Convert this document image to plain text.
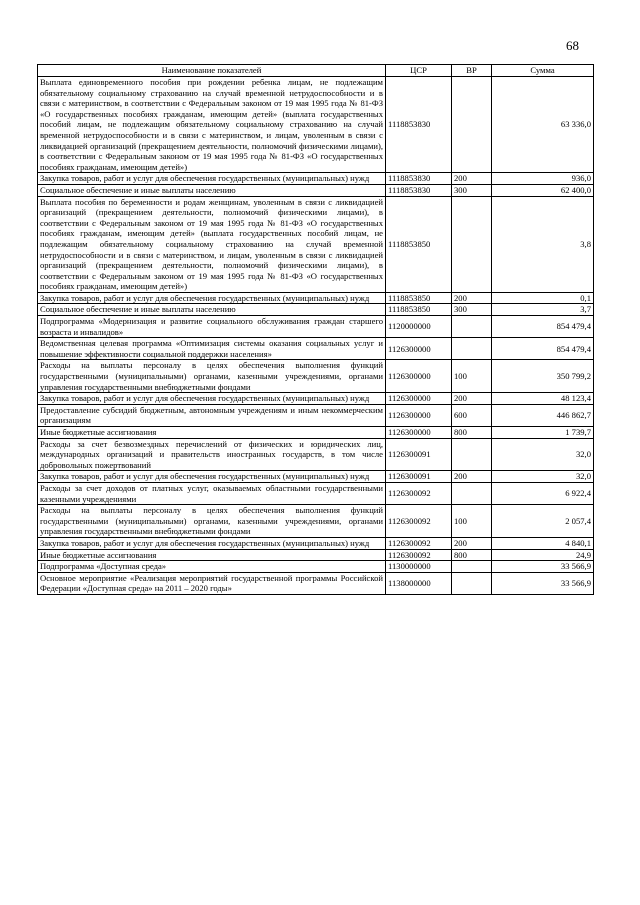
68
Наименование показателей	ЦСР	ВР	Сумма
Выплата единовременного пособия при рождении ребенка лицам, не подлежащим обязательному социальному страхованию на случай временной нетрудоспособности и в связи с материнством, в соответствии с Федеральным законом от 19 мая 1995 года № 81-ФЗ «О государственных пособиях гражданам, имеющим детей» (выплата государственных пособий лицам, не подлежащим обязательному социальному страхованию на случай временной нетрудоспособности и в связи с материнством, и лицам, уволенным в связи с ликвидацией организаций (прекращением деятельности, полномочий физическими лицами), в соответствии с Федеральным законом от 19 мая 1995 года № 81-ФЗ «О государственных пособиях гражданам, имеющим детей»)	1118853830		63 336,0
Закупка товаров, работ и услуг для обеспечения государственных (муниципальных) нужд	1118853830	200	936,0
Социальное обеспечение и иные выплаты населению	1118853830	300	62 400,0
Выплата пособия по беременности и родам женщинам, уволенным в связи с ликвидацией организаций (прекращением деятельности, полномочий физическими лицами), в соответствии с Федеральным законом от 19 мая 1995 года № 81-ФЗ «О государственных пособиях гражданам, имеющим детей» (выплата государственных пособий лицам, не подлежащим обязательному социальному страхованию на случай временной нетрудоспособности и в связи с материнством, и лицам, уволенным в связи с ликвидацией организаций (прекращением деятельности, полномочий физическими лицами), в соответствии с Федеральным законом от 19 мая 1995 года № 81-ФЗ «О государственных пособиях гражданам, имеющим детей»)	1118853850		3,8
Закупка товаров, работ и услуг для обеспечения государственных (муниципальных) нужд	1118853850	200	0,1
Социальное обеспечение и иные выплаты населению	1118853850	300	3,7
Подпрограмма «Модернизация и развитие социального обслуживания граждан старшего возраста и инвалидов»	1120000000		854 479,4
Ведомственная целевая программа «Оптимизация системы оказания социальных услуг и повышение эффективности социальной поддержки населения»	1126300000		854 479,4
Расходы на выплаты персоналу в целях обеспечения выполнения функций государственными (муниципальными) органами, казенными учреждениями, органами управления государственными внебюджетными фондами	1126300000	100	350 799,2
Закупка товаров, работ и услуг для обеспечения государственных (муниципальных) нужд	1126300000	200	48 123,4
Предоставление субсидий бюджетным, автономным учреждениям и иным некоммерческим организациям	1126300000	600	446 862,7
Иные бюджетные ассигнования	1126300000	800	1 739,7
Расходы за счет безвозмездных перечислений от физических и юридических лиц, международных организаций и правительств иностранных государств, в том числе добровольных пожертвований	1126300091		32,0
Закупка товаров, работ и услуг для обеспечения государственных (муниципальных) нужд	1126300091	200	32,0
Расходы за счет доходов от платных услуг, оказываемых областными государственными казенными учреждениями	1126300092		6 922,4
Расходы на выплаты персоналу в целях обеспечения выполнения функций государственными (муниципальными) органами, казенными учреждениями, органами управления государственными внебюджетными фондами	1126300092	100	2 057,4
Закупка товаров, работ и услуг для обеспечения государственных (муниципальных) нужд	1126300092	200	4 840,1
Иные бюджетные ассигнования	1126300092	800	24,9
Подпрограмма «Доступная среда»	1130000000		33 566,9
Основное мероприятие «Реализация мероприятий государственной программы Российской Федерации «Доступная среда» на 2011 – 2020 годы»	1138000000		33 566,9
